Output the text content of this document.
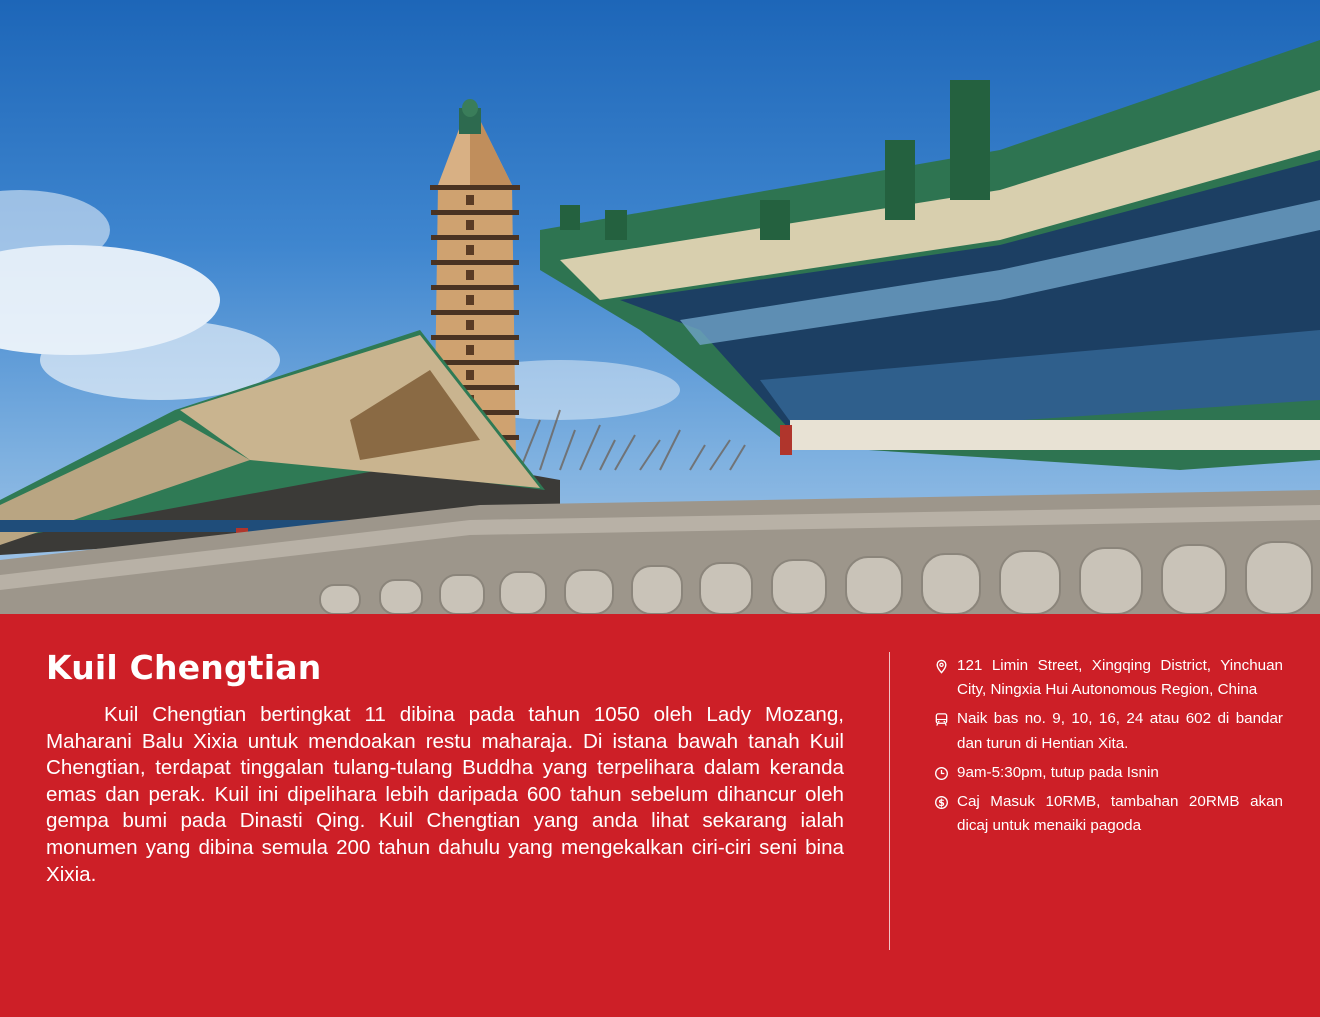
Kuil Chengtian

Kuil Chengtian bertingkat 11 dibina pada tahun 1050 oleh Lady Mozang, Maharani Balu Xixia untuk mendoakan restu maharaja. Di istana bawah tanah Kuil Chengtian, terdapat tinggalan tulang-tulang Buddha yang terpelihara dalam keranda emas dan perak. Kuil ini dipelihara lebih daripada 600 tahun sebelum dihancur oleh gempa bumi pada Dinasti Qing. Kuil Chengtian yang anda lihat sekarang ialah monumen yang dibina semula 200 tahun dahulu yang mengekalkan ciri-ciri seni bina Xixia.

121 Limin Street, Xingqing District, Yinchuan City, Ningxia Hui Autonomous Region, China
Naik bas no. 9, 10, 16, 24 atau 602 di bandar dan turun di Hentian Xita.
9am-5:30pm, tutup pada Isnin
$ Caj Masuk 10RMB, tambahan 20RMB akan dicaj untuk menaiki pagoda
